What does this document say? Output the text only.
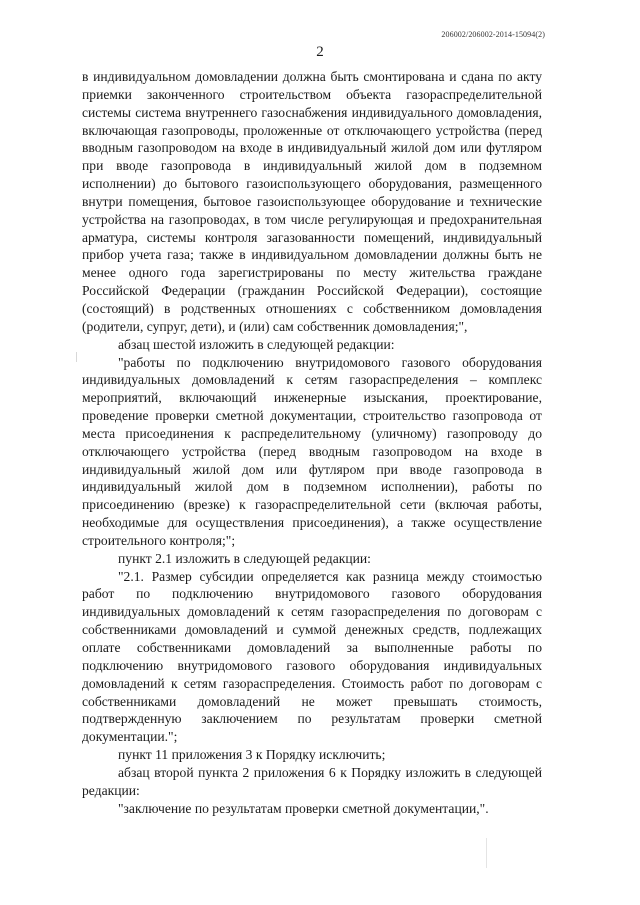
206002/206002-2014-15094(2)
2

в индивидуальном домовладении должна быть смонтирована и сдана по акту приемки законченного строительством объекта газораспределительной системы система внутреннего газоснабжения индивидуального домовладения, включающая газопроводы, проложенные от отключающего устройства (перед вводным газопроводом на входе в индивидуальный жилой дом или футляром при вводе газопровода в индивидуальный жилой дом в подземном исполнении) до бытового газоиспользующего оборудования, размещенного внутри помещения, бытовое газоиспользующее оборудование и технические устройства на газопроводах, в том числе регулирующая и предохранительная арматура, системы контроля загазованности помещений, индивидуальный прибор учета газа; также в индивидуальном домовладении должны быть не менее одного года зарегистрированы по месту жительства граждане Российской Федерации (гражданин Российской Федерации), состоящие (состоящий) в родственных отношениях с собственником домовладения (родители, супруг, дети), и (или) сам собственник домовладения;",

абзац шестой изложить в следующей редакции:

"работы по подключению внутридомового газового оборудования индивидуальных домовладений к сетям газораспределения – комплекс мероприятий, включающий инженерные изыскания, проектирование, проведение проверки сметной документации, строительство газопровода от места присоединения к распределительному (уличному) газопроводу до отключающего устройства (перед вводным газопроводом на входе в индивидуальный жилой дом или футляром при вводе газопровода в индивидуальный жилой дом в подземном исполнении), работы по присоединению (врезке) к газораспределительной сети (включая работы, необходимые для осуществления присоединения), а также осуществление строительного контроля;";

пункт 2.1 изложить в следующей редакции:

"2.1. Размер субсидии определяется как разница между стоимостью работ по подключению внутридомового газового оборудования индивидуальных домовладений к сетям газораспределения по договорам с собственниками домовладений и суммой денежных средств, подлежащих оплате собственниками домовладений за выполненные работы по подключению внутридомового газового оборудования индивидуальных домовладений к сетям газораспределения. Стоимость работ по договорам с собственниками домовладений не может превышать стоимость, подтвержденную заключением по результатам проверки сметной документации.";

пункт 11 приложения 3 к Порядку исключить;

абзац второй пункта 2 приложения 6 к Порядку изложить в следующей редакции:

"заключение по результатам проверки сметной документации,".
